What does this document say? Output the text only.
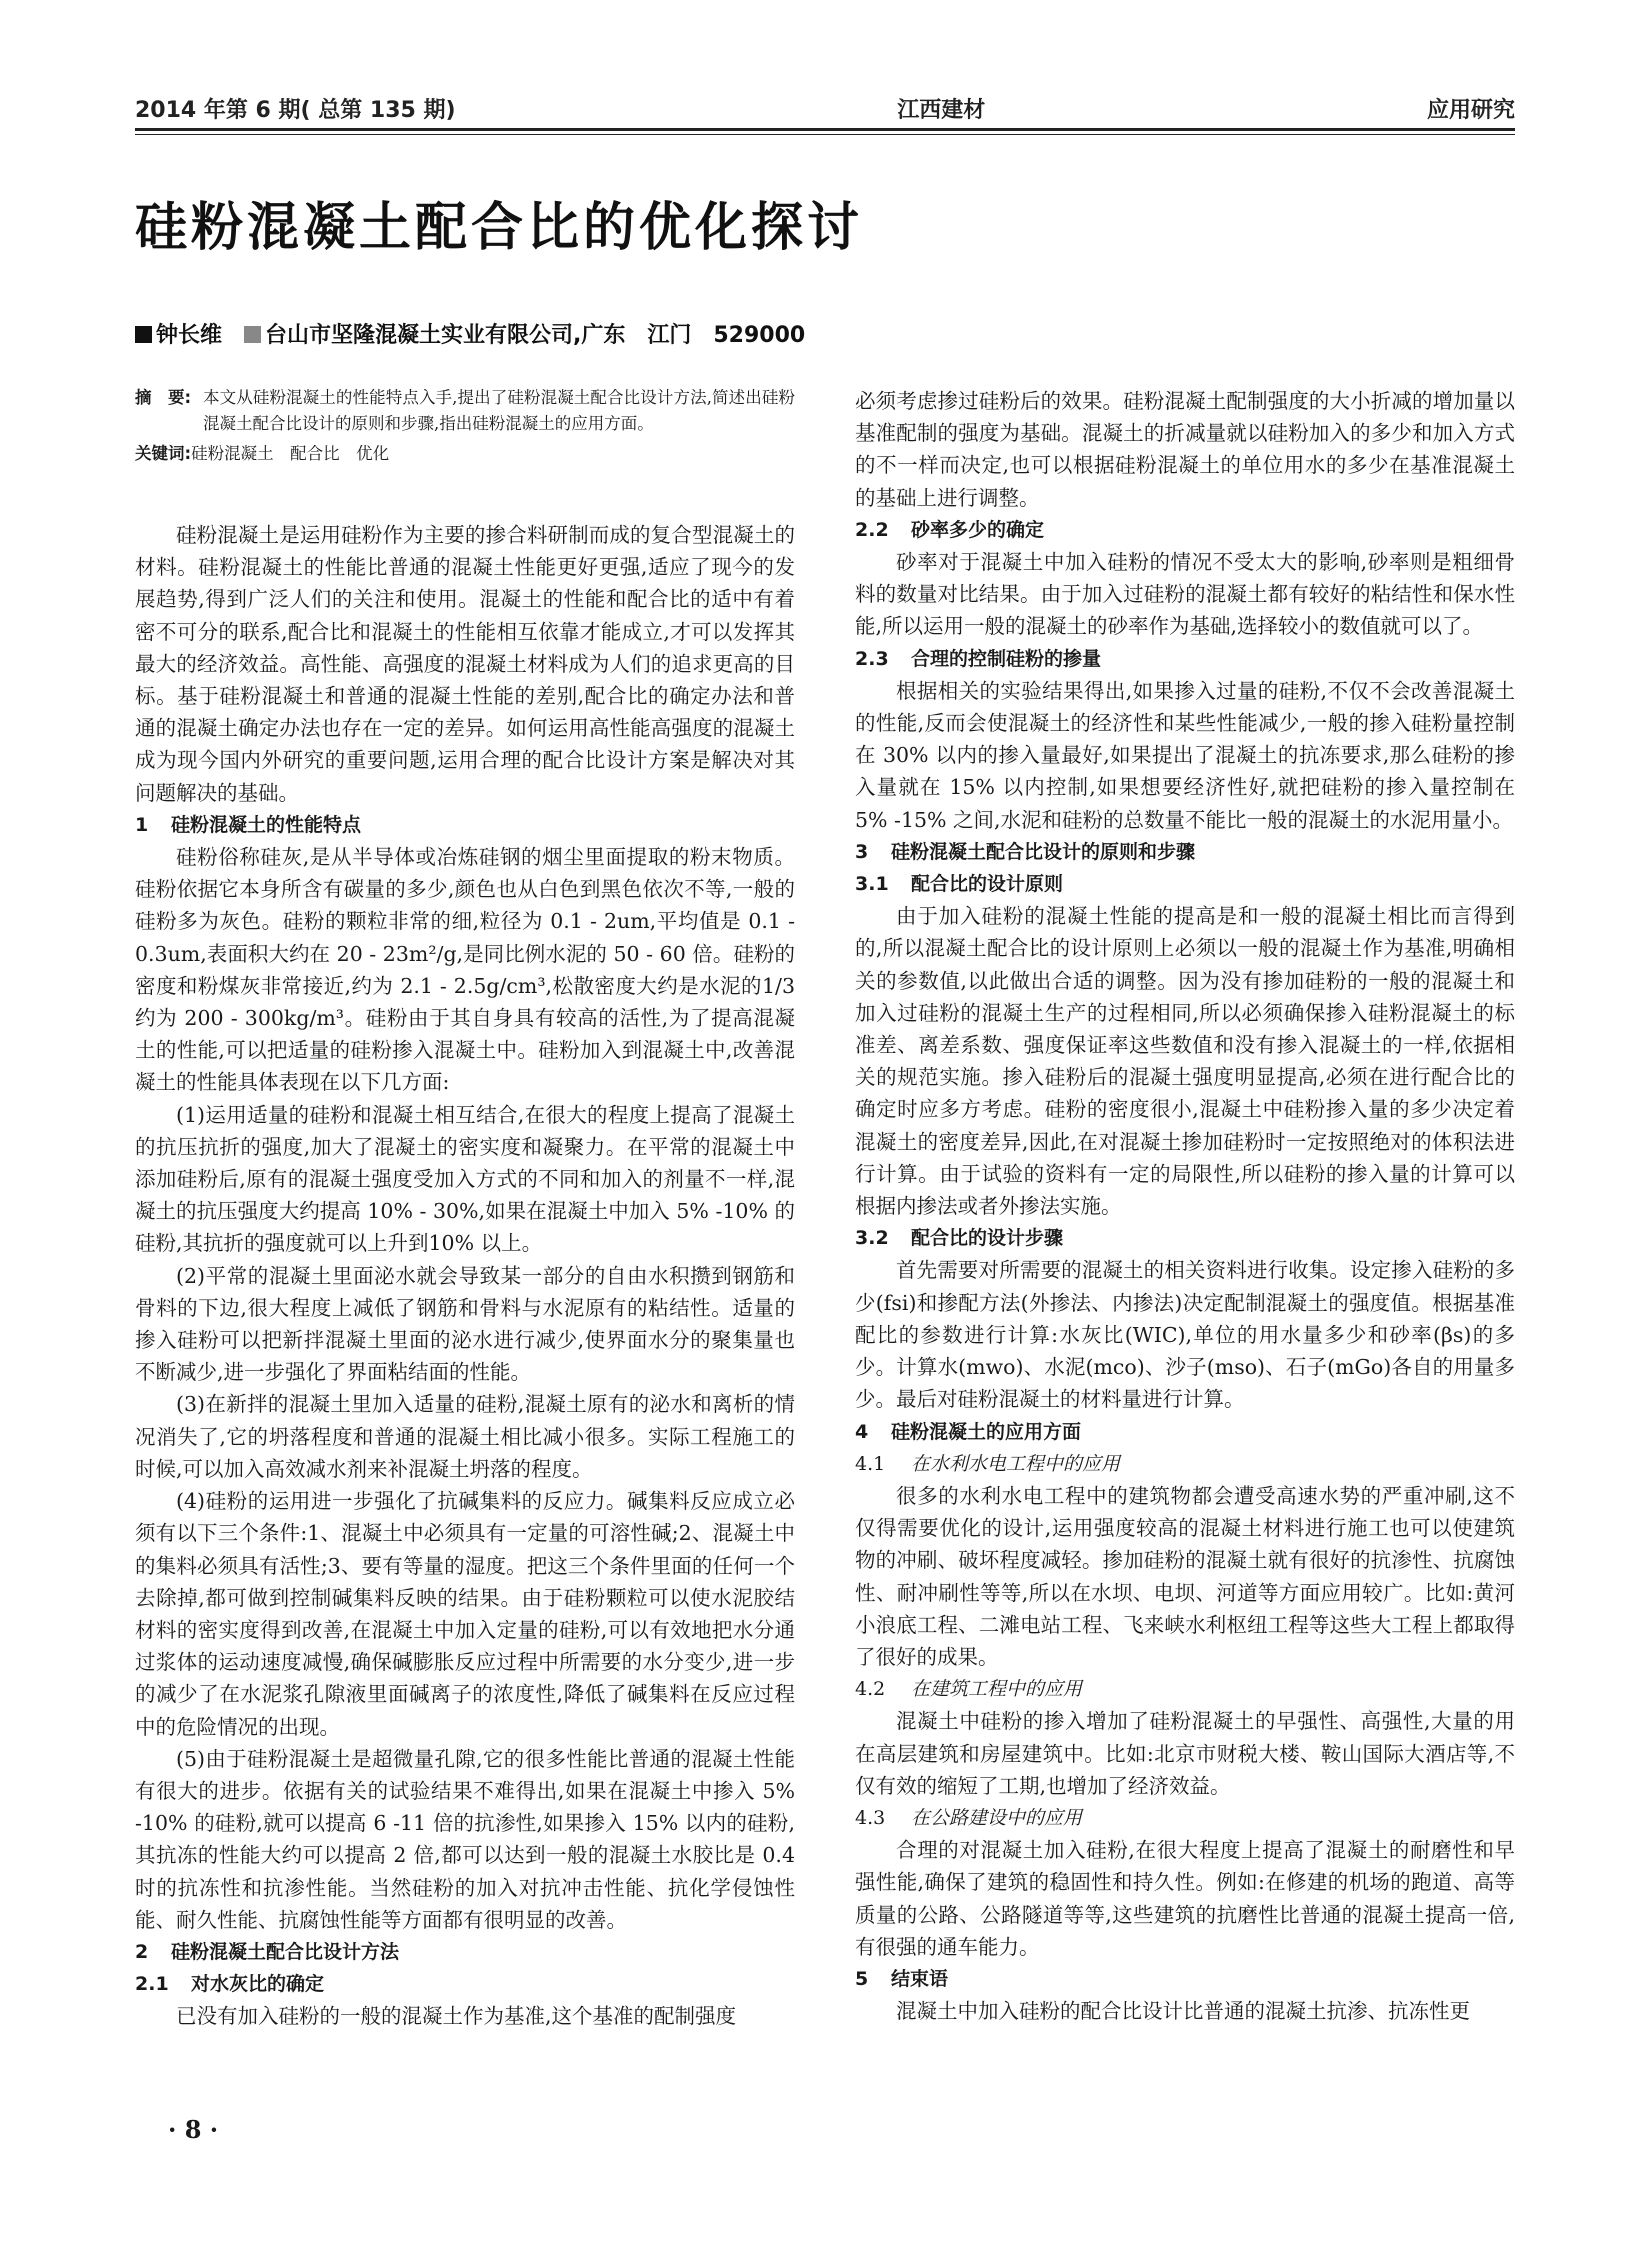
2014 年第 6 期( 总第 135 期)	江西建材	应用研究
硅粉混凝土配合比的优化探讨
钟长维 台山市坚隆混凝土实业有限公司,广东　江门　529000

摘　要: 本文从硅粉混凝土的性能特点入手,提出了硅粉混凝土配合比设计方法,简述出硅粉混凝土配合比设计的原则和步骤,指出硅粉混凝土的应用方面。

关键词:硅粉混凝土　配合比　优化

硅粉混凝土是运用硅粉作为主要的掺合料研制而成的复合型混凝土的材料。硅粉混凝土的性能比普通的混凝土性能更好更强,适应了现今的发展趋势,得到广泛人们的关注和使用。混凝土的性能和配合比的适中有着密不可分的联系,配合比和混凝土的性能相互依靠才能成立,才可以发挥其最大的经济效益。高性能、高强度的混凝土材料成为人们的追求更高的目标。基于硅粉混凝土和普通的混凝土性能的差别,配合比的确定办法和普通的混凝土确定办法也存在一定的差异。如何运用高性能高强度的混凝土成为现今国内外研究的重要问题,运用合理的配合比设计方案是解决对其问题解决的基础。

1 硅粉混凝土的性能特点

硅粉俗称硅灰,是从半导体或冶炼硅钢的烟尘里面提取的粉末物质。硅粉依据它本身所含有碳量的多少,颜色也从白色到黑色依次不等,一般的硅粉多为灰色。硅粉的颗粒非常的细,粒径为 0.1 - 2um,平均值是 0.1 - 0.3um,表面积大约在 20 - 23m²/g,是同比例水泥的 50 - 60 倍。硅粉的密度和粉煤灰非常接近,约为 2.1 - 2.5g/cm³,松散密度大约是水泥的1/3 约为 200 - 300kg/m³。硅粉由于其自身具有较高的活性,为了提高混凝土的性能,可以把适量的硅粉掺入混凝土中。硅粉加入到混凝土中,改善混凝土的性能具体表现在以下几方面:

(1)运用适量的硅粉和混凝土相互结合,在很大的程度上提高了混凝土的抗压抗折的强度,加大了混凝土的密实度和凝聚力。在平常的混凝土中添加硅粉后,原有的混凝土强度受加入方式的不同和加入的剂量不一样,混凝土的抗压强度大约提高 10% - 30%,如果在混凝土中加入 5% -10% 的硅粉,其抗折的强度就可以上升到10% 以上。

(2)平常的混凝土里面泌水就会导致某一部分的自由水积攒到钢筋和骨料的下边,很大程度上减低了钢筋和骨料与水泥原有的粘结性。适量的掺入硅粉可以把新拌混凝土里面的泌水进行减少,使界面水分的聚集量也不断减少,进一步强化了界面粘结面的性能。

(3)在新拌的混凝土里加入适量的硅粉,混凝土原有的泌水和离析的情况消失了,它的坍落程度和普通的混凝土相比减小很多。实际工程施工的时候,可以加入高效减水剂来补混凝土坍落的程度。

(4)硅粉的运用进一步强化了抗碱集料的反应力。碱集料反应成立必须有以下三个条件:1、混凝土中必须具有一定量的可溶性碱;2、混凝土中的集料必须具有活性;3、要有等量的湿度。把这三个条件里面的任何一个去除掉,都可做到控制碱集料反映的结果。由于硅粉颗粒可以使水泥胶结材料的密实度得到改善,在混凝土中加入定量的硅粉,可以有效地把水分通过浆体的运动速度减慢,确保碱膨胀反应过程中所需要的水分变少,进一步的减少了在水泥浆孔隙液里面碱离子的浓度性,降低了碱集料在反应过程中的危险情况的出现。

(5)由于硅粉混凝土是超微量孔隙,它的很多性能比普通的混凝土性能有很大的进步。依据有关的试验结果不难得出,如果在混凝土中掺入 5% -10% 的硅粉,就可以提高 6 -11 倍的抗渗性,如果掺入 15% 以内的硅粉,其抗冻的性能大约可以提高 2 倍,都可以达到一般的混凝土水胶比是 0.4 时的抗冻性和抗渗性能。当然硅粉的加入对抗冲击性能、抗化学侵蚀性能、耐久性能、抗腐蚀性能等方面都有很明显的改善。

2 硅粉混凝土配合比设计方法

2.1 对水灰比的确定

已没有加入硅粉的一般的混凝土作为基准,这个基准的配制强度

必须考虑掺过硅粉后的效果。硅粉混凝土配制强度的大小折减的增加量以基准配制的强度为基础。混凝土的折减量就以硅粉加入的多少和加入方式的不一样而决定,也可以根据硅粉混凝土的单位用水的多少在基准混凝土的基础上进行调整。

2.2 砂率多少的确定

砂率对于混凝土中加入硅粉的情况不受太大的影响,砂率则是粗细骨料的数量对比结果。由于加入过硅粉的混凝土都有较好的粘结性和保水性能,所以运用一般的混凝土的砂率作为基础,选择较小的数值就可以了。

2.3 合理的控制硅粉的掺量

根据相关的实验结果得出,如果掺入过量的硅粉,不仅不会改善混凝土的性能,反而会使混凝土的经济性和某些性能减少,一般的掺入硅粉量控制在 30% 以内的掺入量最好,如果提出了混凝土的抗冻要求,那么硅粉的掺入量就在 15% 以内控制,如果想要经济性好,就把硅粉的掺入量控制在 5% -15% 之间,水泥和硅粉的总数量不能比一般的混凝土的水泥用量小。

3 硅粉混凝土配合比设计的原则和步骤

3.1 配合比的设计原则

由于加入硅粉的混凝土性能的提高是和一般的混凝土相比而言得到的,所以混凝土配合比的设计原则上必须以一般的混凝土作为基准,明确相关的参数值,以此做出合适的调整。因为没有掺加硅粉的一般的混凝土和加入过硅粉的混凝土生产的过程相同,所以必须确保掺入硅粉混凝土的标准差、离差系数、强度保证率这些数值和没有掺入混凝土的一样,依据相关的规范实施。掺入硅粉后的混凝土强度明显提高,必须在进行配合比的确定时应多方考虑。硅粉的密度很小,混凝土中硅粉掺入量的多少决定着混凝土的密度差异,因此,在对混凝土掺加硅粉时一定按照绝对的体积法进行计算。由于试验的资料有一定的局限性,所以硅粉的掺入量的计算可以根据内掺法或者外掺法实施。

3.2 配合比的设计步骤

首先需要对所需要的混凝土的相关资料进行收集。设定掺入硅粉的多少(fsi)和掺配方法(外掺法、内掺法)决定配制混凝土的强度值。根据基准配比的参数进行计算:水灰比(WIC),单位的用水量多少和砂率(βs)的多少。计算水(mwo)、水泥(mco)、沙子(mso)、石子(mGo)各自的用量多少。最后对硅粉混凝土的材料量进行计算。

4 硅粉混凝土的应用方面

4.1 在水利水电工程中的应用

很多的水利水电工程中的建筑物都会遭受高速水势的严重冲刷,这不仅得需要优化的设计,运用强度较高的混凝土材料进行施工也可以使建筑物的冲刷、破坏程度减轻。掺加硅粉的混凝土就有很好的抗渗性、抗腐蚀性、耐冲刷性等等,所以在水坝、电坝、河道等方面应用较广。比如:黄河小浪底工程、二滩电站工程、飞来峡水利枢纽工程等这些大工程上都取得了很好的成果。

4.2 在建筑工程中的应用

混凝土中硅粉的掺入增加了硅粉混凝土的早强性、高强性,大量的用在高层建筑和房屋建筑中。比如:北京市财税大楼、鞍山国际大酒店等,不仅有效的缩短了工期,也增加了经济效益。

4.3 在公路建设中的应用

合理的对混凝土加入硅粉,在很大程度上提高了混凝土的耐磨性和早强性能,确保了建筑的稳固性和持久性。例如:在修建的机场的跑道、高等质量的公路、公路隧道等等,这些建筑的抗磨性比普通的混凝土提高一倍,有很强的通车能力。

5 结束语

混凝土中加入硅粉的配合比设计比普通的混凝土抗渗、抗冻性更

· 8 ·
